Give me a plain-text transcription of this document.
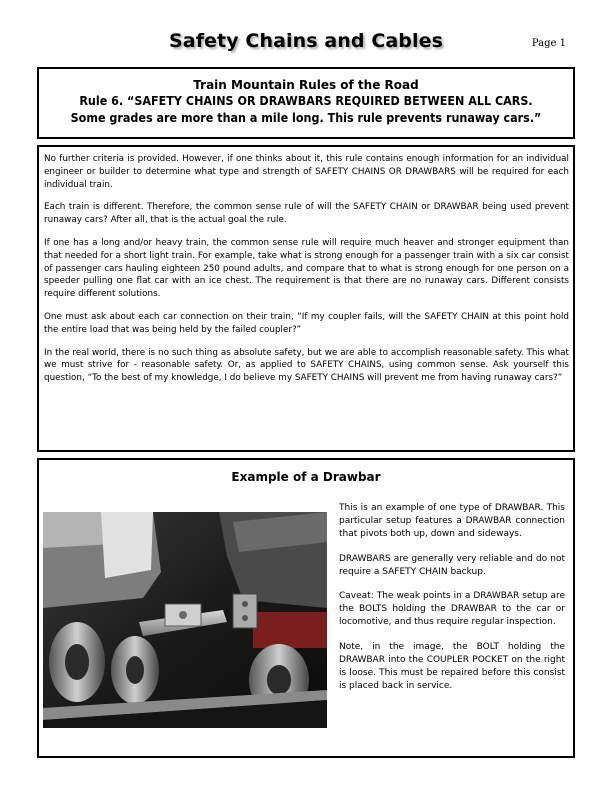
Safety Chains and Cables	Page 1
Train Mountain Rules of the Road
Rule 6. “SAFETY CHAINS OR DRAWBARS REQUIRED BETWEEN ALL CARS.
Some grades are more than a mile long. This rule prevents runaway cars.”

No further criteria is provided. However, if one thinks about it, this rule contains enough information for an individual engineer or builder to determine what type and strength of SAFETY CHAINS OR DRAWBARS will be required for each individual train.

Each train is different. Therefore, the common sense rule of will the SAFETY CHAIN or DRAWBAR being used prevent runaway cars? After all, that is the actual goal the rule.

If one has a long and/or heavy train, the common sense rule will require much heaver and stronger equipment than that needed for a short light train. For example, take what is strong enough for a passenger train with a six car consist of passenger cars hauling eighteen 250 pound adults, and compare that to what is strong enough for one person on a speeder pulling one flat car with an ice chest. The requirement is that there are no runaway cars. Different consists require different solutions.

One must ask about each car connection on their train, “If my coupler fails, will the SAFETY CHAIN at this point hold the entire load that was being held by the failed coupler?”

In the real world, there is no such thing as absolute safety, but we are able to accomplish reasonable safety. This what we must strive for - reasonable safety. Or, as applied to SAFETY CHAINS, using common sense. Ask yourself this question, “To the best of my knowledge, I do believe my SAFETY CHAINS will prevent me from having runaway cars?”

Example of a Drawbar

This is an example of one type of DRAWBAR. This particular setup features a DRAWBAR connection that pivots both up, down and sideways.

DRAWBARS are generally very reliable and do not require a SAFETY CHAIN backup.

Caveat: The weak points in a DRAWBAR setup are the BOLTS holding the DRAWBAR to the car or locomotive, and thus require regular inspection.

Note, in the image, the BOLT holding the DRAWBAR into the COUPLER POCKET on the right is loose. This must be repaired before this consist is placed back in service.
